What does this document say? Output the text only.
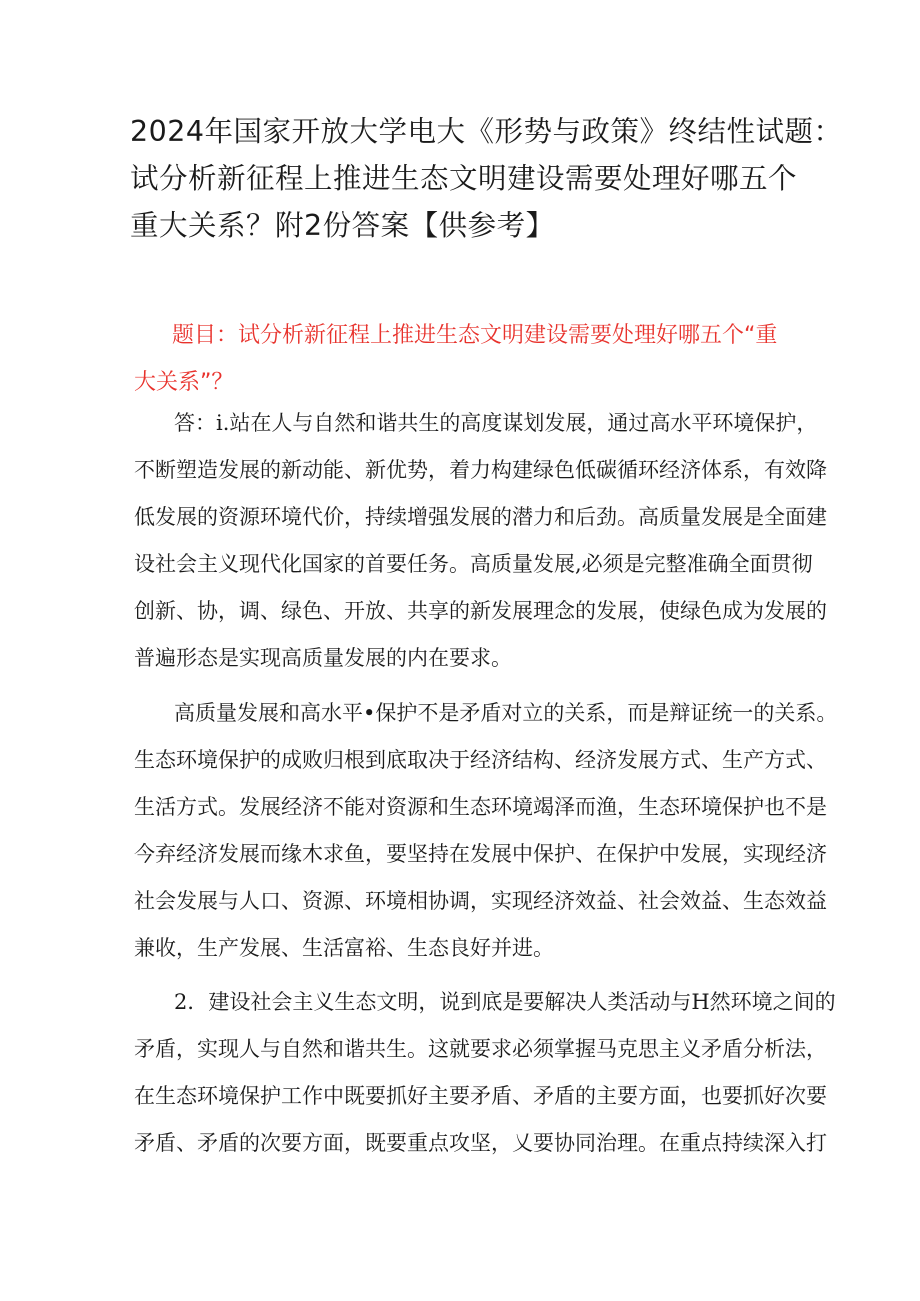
2024年国家开放大学电大《形势与政策》终结性试题：
试分析新征程上推进生态文明建设需要处理好哪五个
重大关系？附2份答案【供参考】

题目：试分析新征程上推进生态文明建设需要处理好哪五个“重
大关系”？

答：i.站在人与自然和谐共生的高度谋划发展，通过高水平环境保护，
不断塑造发展的新动能、新优势，着力构建绿色低碳循环经济体系，有效降
低发展的资源环境代价，持续增强发展的潜力和后劲。高质量发展是全面建
设社会主义现代化国家的首要任务。高质量发展,必须是完整准确全面贯彻
创新、协，调、绿色、开放、共享的新发展理念的发展，使绿色成为发展的
普遍形态是实现高质量发展的内在要求。
高质量发展和高水平•保护不是矛盾对立的关系，而是辩证统一的关系。
生态环境保护的成败归根到底取决于经济结构、经济发展方式、生产方式、
生活方式。发展经济不能对资源和生态环境竭泽而渔，生态环境保护也不是
今弃经济发展而缘木求鱼，要坚持在发展中保护、在保护中发展，实现经济
社会发展与人口、资源、环境相协调，实现经济效益、社会效益、生态效益
兼收，生产发展、生活富裕、生态良好并进。
2．建设社会主义生态文明，说到底是要解决人类活动与H然环境之间的
矛盾，实现人与自然和谐共生。这就要求必须掌握马克思主义矛盾分析法，
在生态环境保护工作中既要抓好主要矛盾、矛盾的主要方面，也要抓好次要
矛盾、矛盾的次要方面，既要重点攻坚，乂要协同治理。在重点持续深入打
